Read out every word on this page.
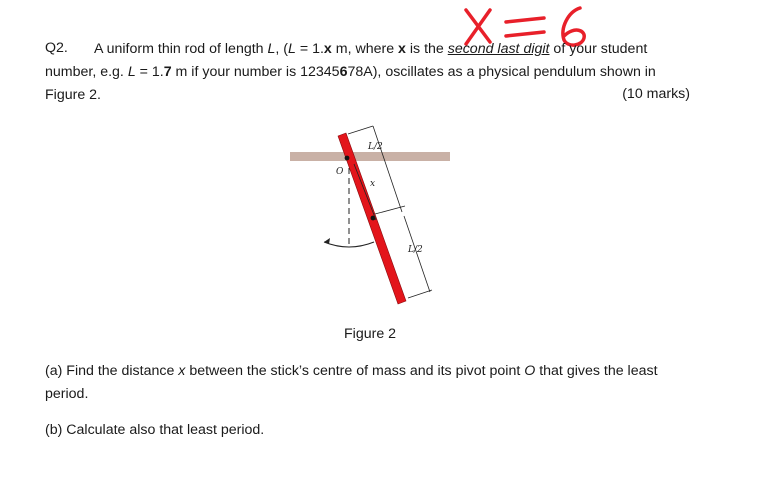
x= 6
Q2. A uniform thin rod of length L, (L = 1.x m, where x is the second last digit of your student
number, e.g. L = 1.7 m if your number is 12345678A), oscillates as a physical pendulum shown in
Figure 2.	(10 marks)
L/2
x
O
L/2
Figure 2
(a) Find the distance x between the stick’s centre of mass and its pivot point O that gives the least
period.
(b) Calculate also that least period.
